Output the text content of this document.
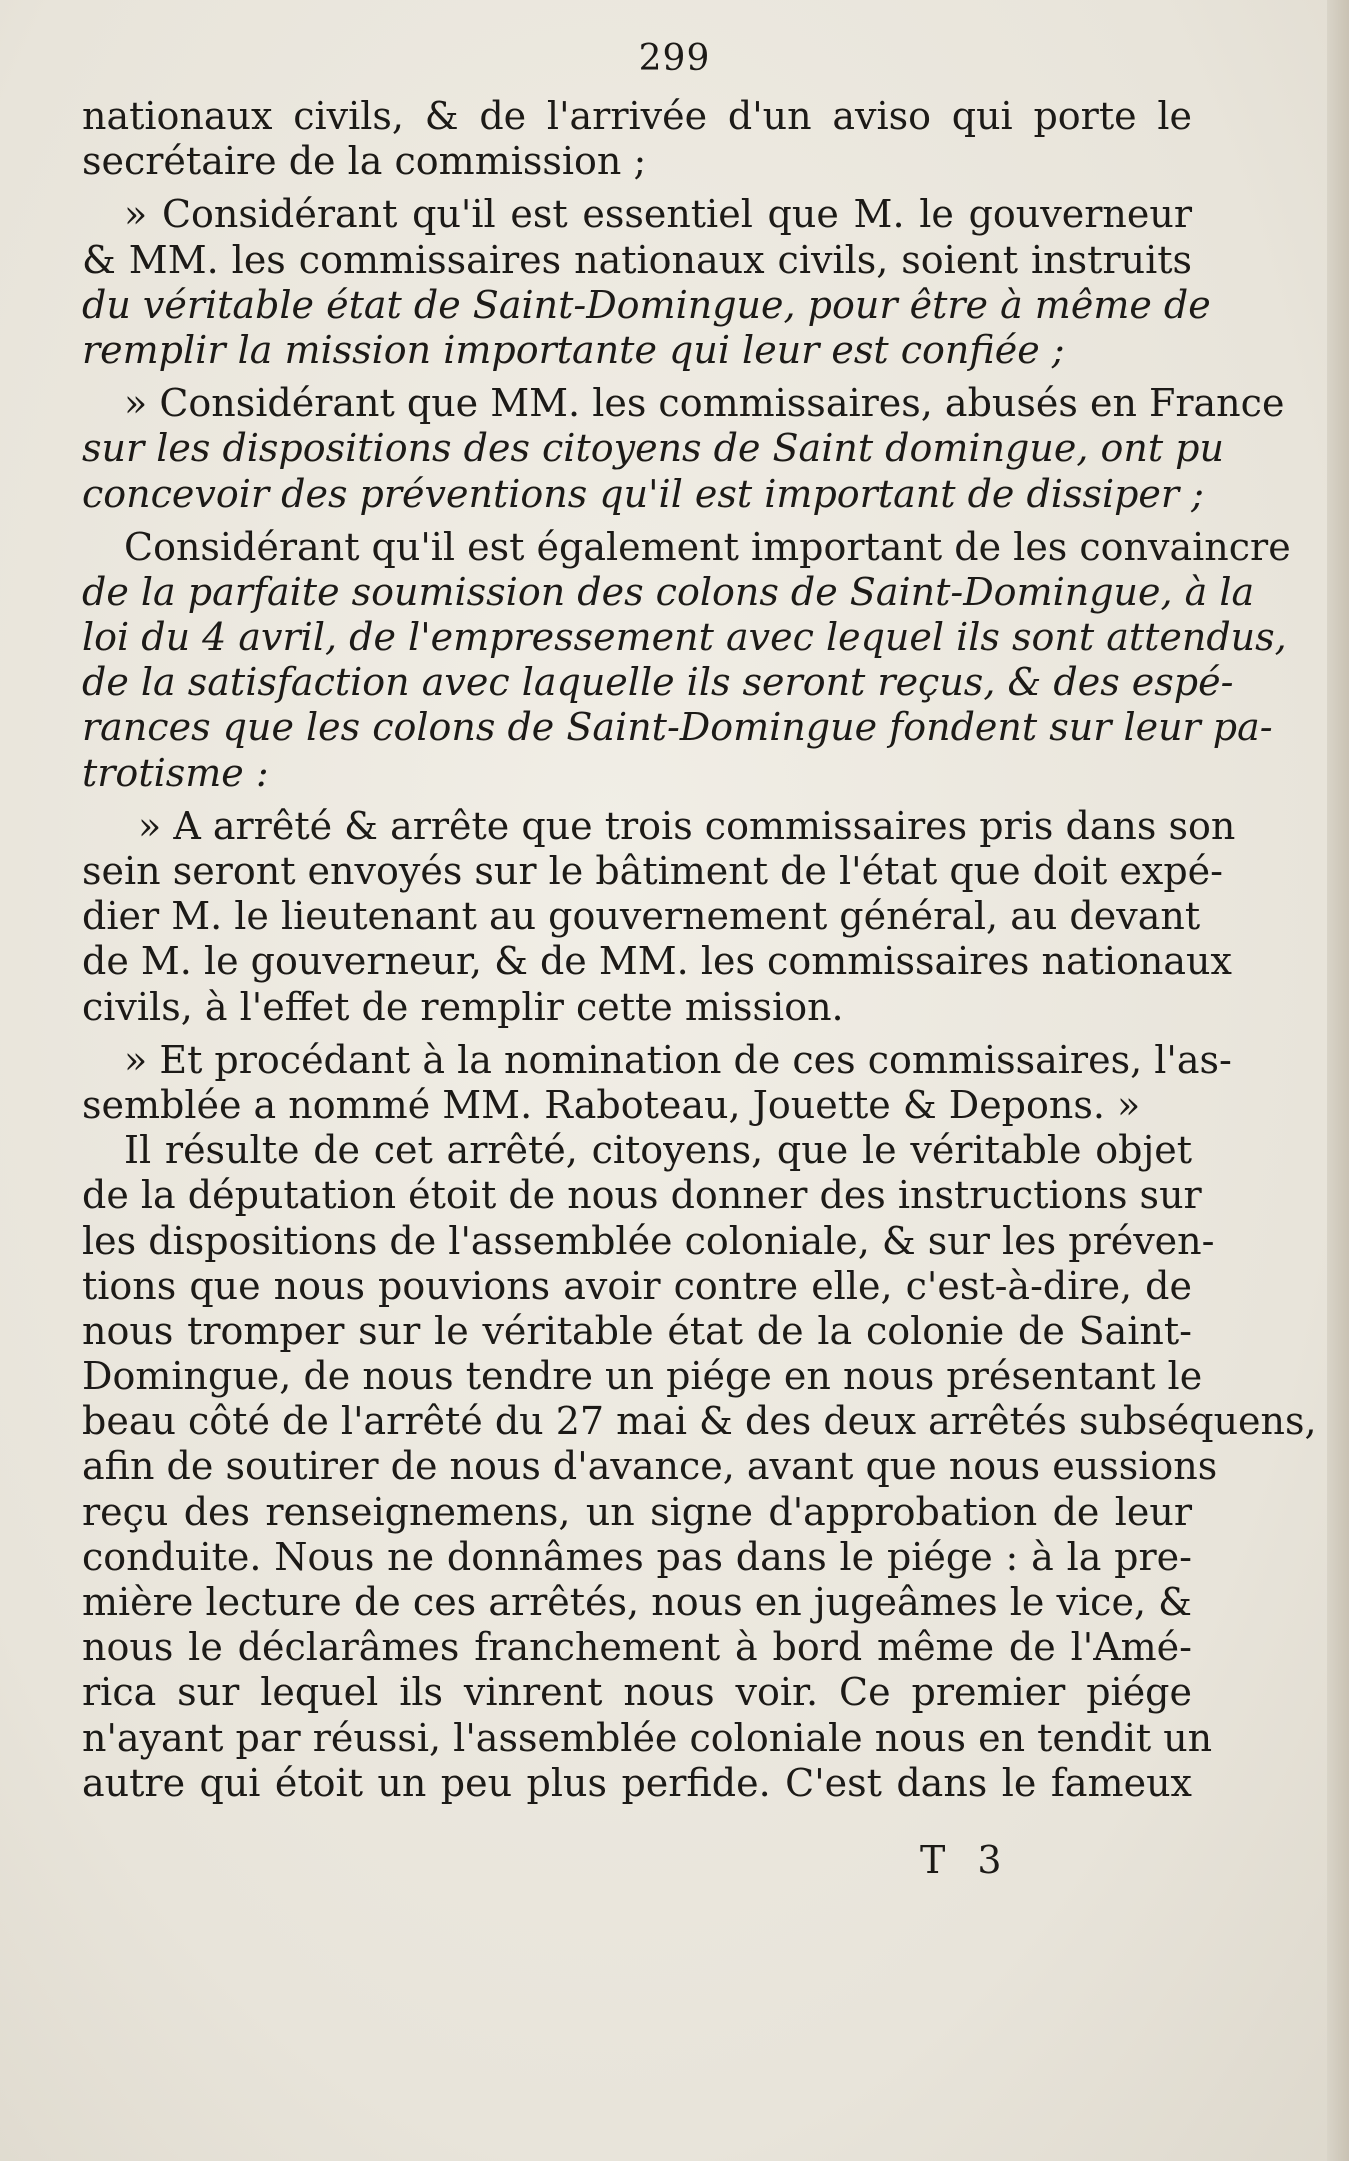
299
nationaux civils, & de l'arrivée d'un aviso qui porte le
secrétaire de la commission ;
» Considérant qu'il est essentiel que M. le gouverneur
& MM. les commissaires nationaux civils, soient instruits
du véritable état de Saint-Domingue, pour être à même de
remplir la mission importante qui leur est confiée ;
» Considérant que MM. les commissaires, abusés en France
sur les dispositions des citoyens de Saint domingue, ont pu
concevoir des préventions qu'il est important de dissiper ;
Considérant qu'il est également important de les convaincre
de la parfaite soumission des colons de Saint-Domingue, à la
loi du 4 avril, de l'empressement avec lequel ils sont attendus,
de la satisfaction avec laquelle ils seront reçus, & des espé-
rances que les colons de Saint-Domingue fondent sur leur pa-
trotisme :
» A arrêté & arrête que trois commissaires pris dans son
sein seront envoyés sur le bâtiment de l'état que doit expé-
dier M. le lieutenant au gouvernement général, au devant
de M. le gouverneur, & de MM. les commissaires nationaux
civils, à l'effet de remplir cette mission.
» Et procédant à la nomination de ces commissaires, l'as-
semblée a nommé MM. Raboteau, Jouette & Depons. »
Il résulte de cet arrêté, citoyens, que le véritable objet
de la députation étoit de nous donner des instructions sur
les dispositions de l'assemblée coloniale, & sur les préven-
tions que nous pouvions avoir contre elle, c'est-à-dire, de
nous tromper sur le véritable état de la colonie de Saint-
Domingue, de nous tendre un piége en nous présentant le
beau côté de l'arrêté du 27 mai & des deux arrêtés subséquens,
afin de soutirer de nous d'avance, avant que nous eussions
reçu des renseignemens, un signe d'approbation de leur
conduite. Nous ne donnâmes pas dans le piége : à la pre-
mière lecture de ces arrêtés, nous en jugeâmes le vice, &
nous le déclarâmes franchement à bord même de l'Amé-
rica sur lequel ils vinrent nous voir. Ce premier piége
n'ayant par réussi, l'assemblée coloniale nous en tendit un
autre qui étoit un peu plus perfide. C'est dans le fameux
T 3
